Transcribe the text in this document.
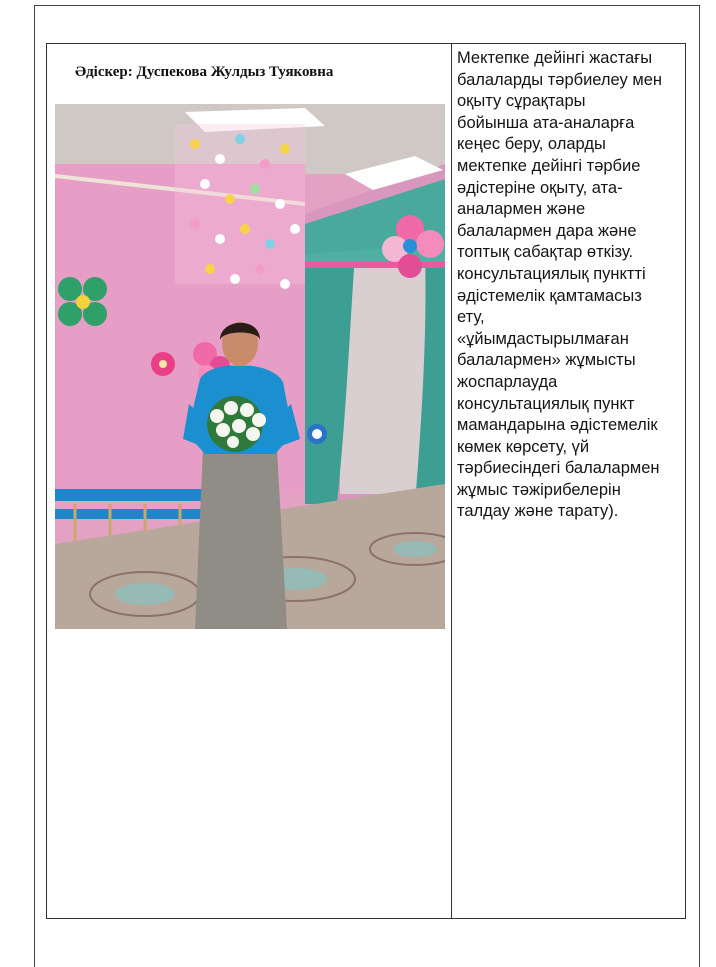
Әдіскер: Дуспекова Жулдыз Туяковна
Мектепке дейінгі жастағы
балаларды тәрбиелеу мен
оқыту сұрақтары
бойынша ата-аналарға
кеңес беру, оларды
мектепке дейінгі тәрбие
әдістеріне оқыту, ата-
аналармен және
балалармен дара және
топтық сабақтар өткізу.
консультациялық пунктті
әдістемелік қамтамасыз
ету,
«ұйымдастырылмаған
балалармен» жұмысты
жоспарлауда
консультациялық пункт
мамандарына әдістемелік
көмек көрсету, үй
тәрбиесіндегі балалармен
жұмыс тәжірибелерін
талдау және тарату).
